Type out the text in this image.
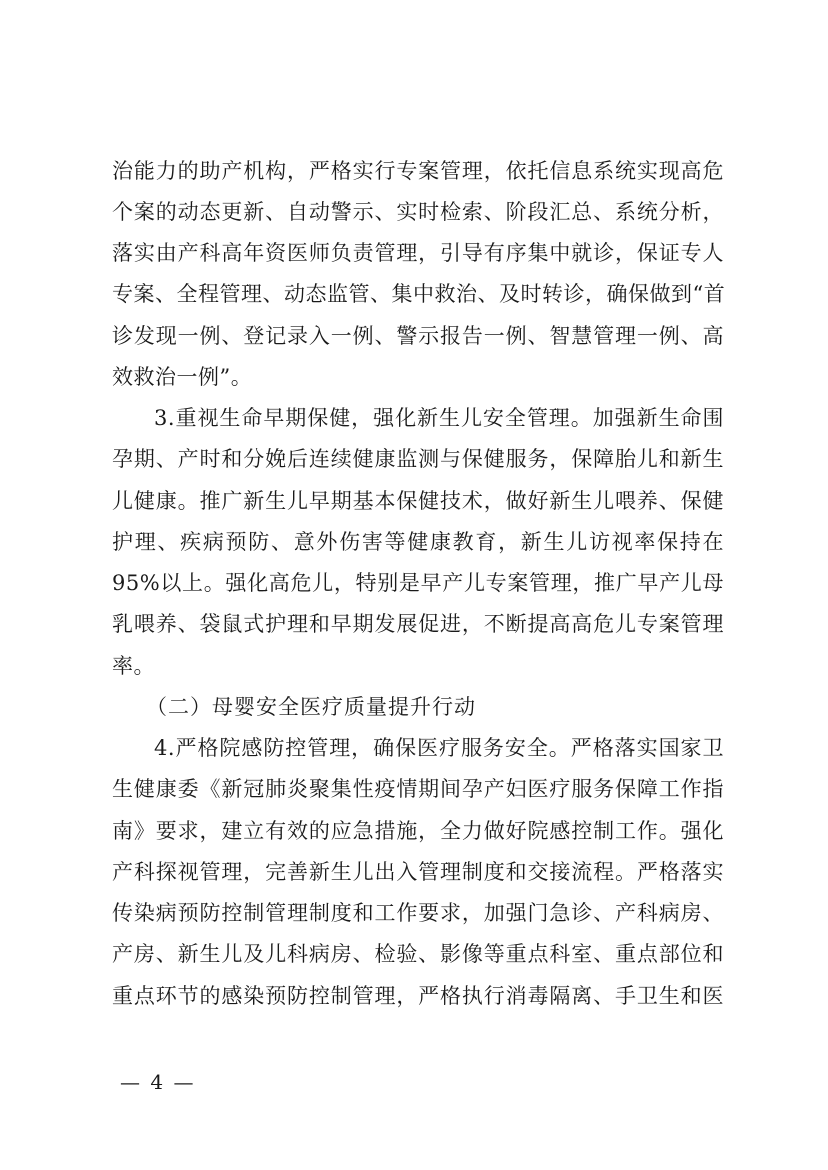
治能力的助产机构，严格实行专案管理，依托信息系统实现高危
个案的动态更新、自动警示、实时检索、阶段汇总、系统分析，
落实由产科高年资医师负责管理，引导有序集中就诊，保证专人
专案、全程管理、动态监管、集中救治、及时转诊，确保做到“首
诊发现一例、登记录入一例、警示报告一例、智慧管理一例、高
效救治一例”。
3.重视生命早期保健，强化新生儿安全管理。加强新生命围
孕期、产时和分娩后连续健康监测与保健服务，保障胎儿和新生
儿健康。推广新生儿早期基本保健技术，做好新生儿喂养、保健
护理、疾病预防、意外伤害等健康教育，新生儿访视率保持在
95%以上。强化高危儿，特别是早产儿专案管理，推广早产儿母
乳喂养、袋鼠式护理和早期发展促进，不断提高高危儿专案管理
率。
（二）母婴安全医疗质量提升行动
4.严格院感防控管理，确保医疗服务安全。严格落实国家卫
生健康委《新冠肺炎聚集性疫情期间孕产妇医疗服务保障工作指
南》要求，建立有效的应急措施，全力做好院感控制工作。强化
产科探视管理，完善新生儿出入管理制度和交接流程。严格落实
传染病预防控制管理制度和工作要求，加强门急诊、产科病房、
产房、新生儿及儿科病房、检验、影像等重点科室、重点部位和
重点环节的感染预防控制管理，严格执行消毒隔离、手卫生和医
— 4 —
